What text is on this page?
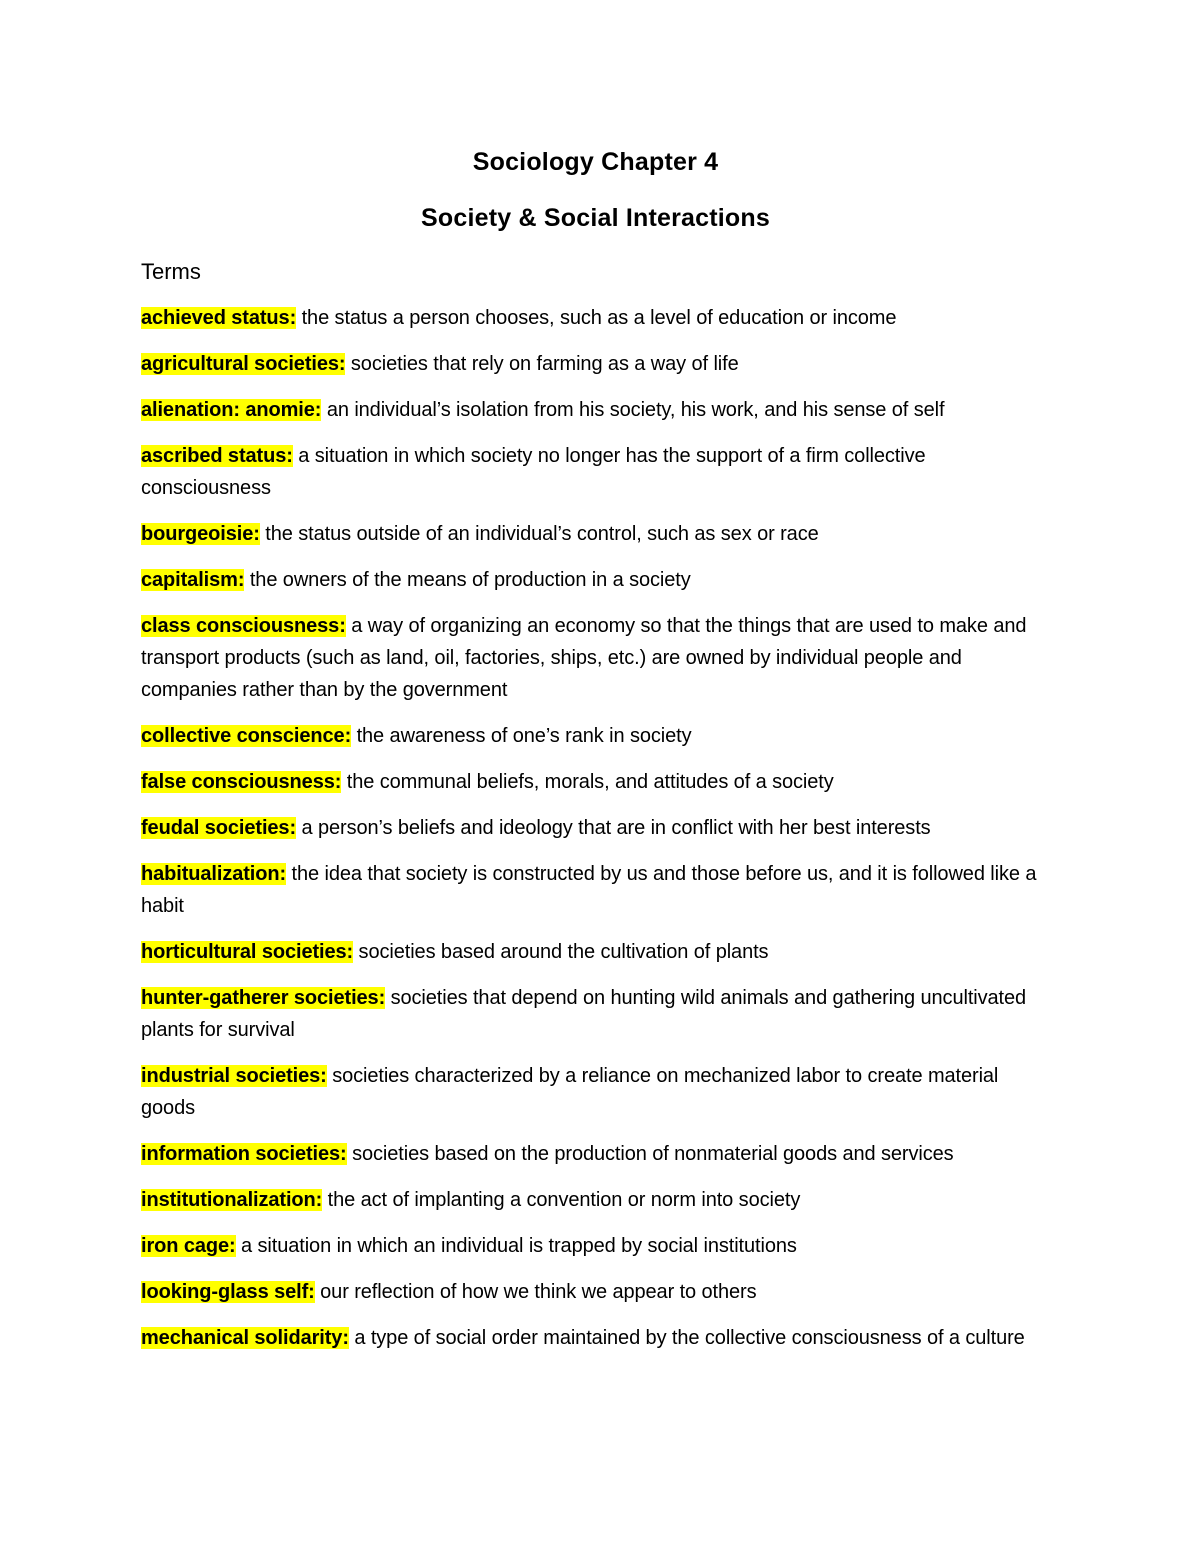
Sociology Chapter 4
Society & Social Interactions
Terms
achieved status: the status a person chooses, such as a level of education or income
agricultural societies: societies that rely on farming as a way of life
alienation: anomie: an individual’s isolation from his society, his work, and his sense of self
ascribed status: a situation in which society no longer has the support of a firm collective consciousness
bourgeoisie: the status outside of an individual’s control, such as sex or race
capitalism: the owners of the means of production in a society
class consciousness: a way of organizing an economy so that the things that are used to make and transport products (such as land, oil, factories, ships, etc.) are owned by individual people and companies rather than by the government
collective conscience: the awareness of one’s rank in society
false consciousness: the communal beliefs, morals, and attitudes of a society
feudal societies: a person’s beliefs and ideology that are in conflict with her best interests
habitualization: the idea that society is constructed by us and those before us, and it is followed like a habit
horticultural societies: societies based around the cultivation of plants
hunter-gatherer societies: societies that depend on hunting wild animals and gathering uncultivated plants for survival
industrial societies: societies characterized by a reliance on mechanized labor to create material goods
information societies: societies based on the production of nonmaterial goods and services
institutionalization: the act of implanting a convention or norm into society
iron cage: a situation in which an individual is trapped by social institutions
looking-glass self: our reflection of how we think we appear to others
mechanical solidarity: a type of social order maintained by the collective consciousness of a culture
